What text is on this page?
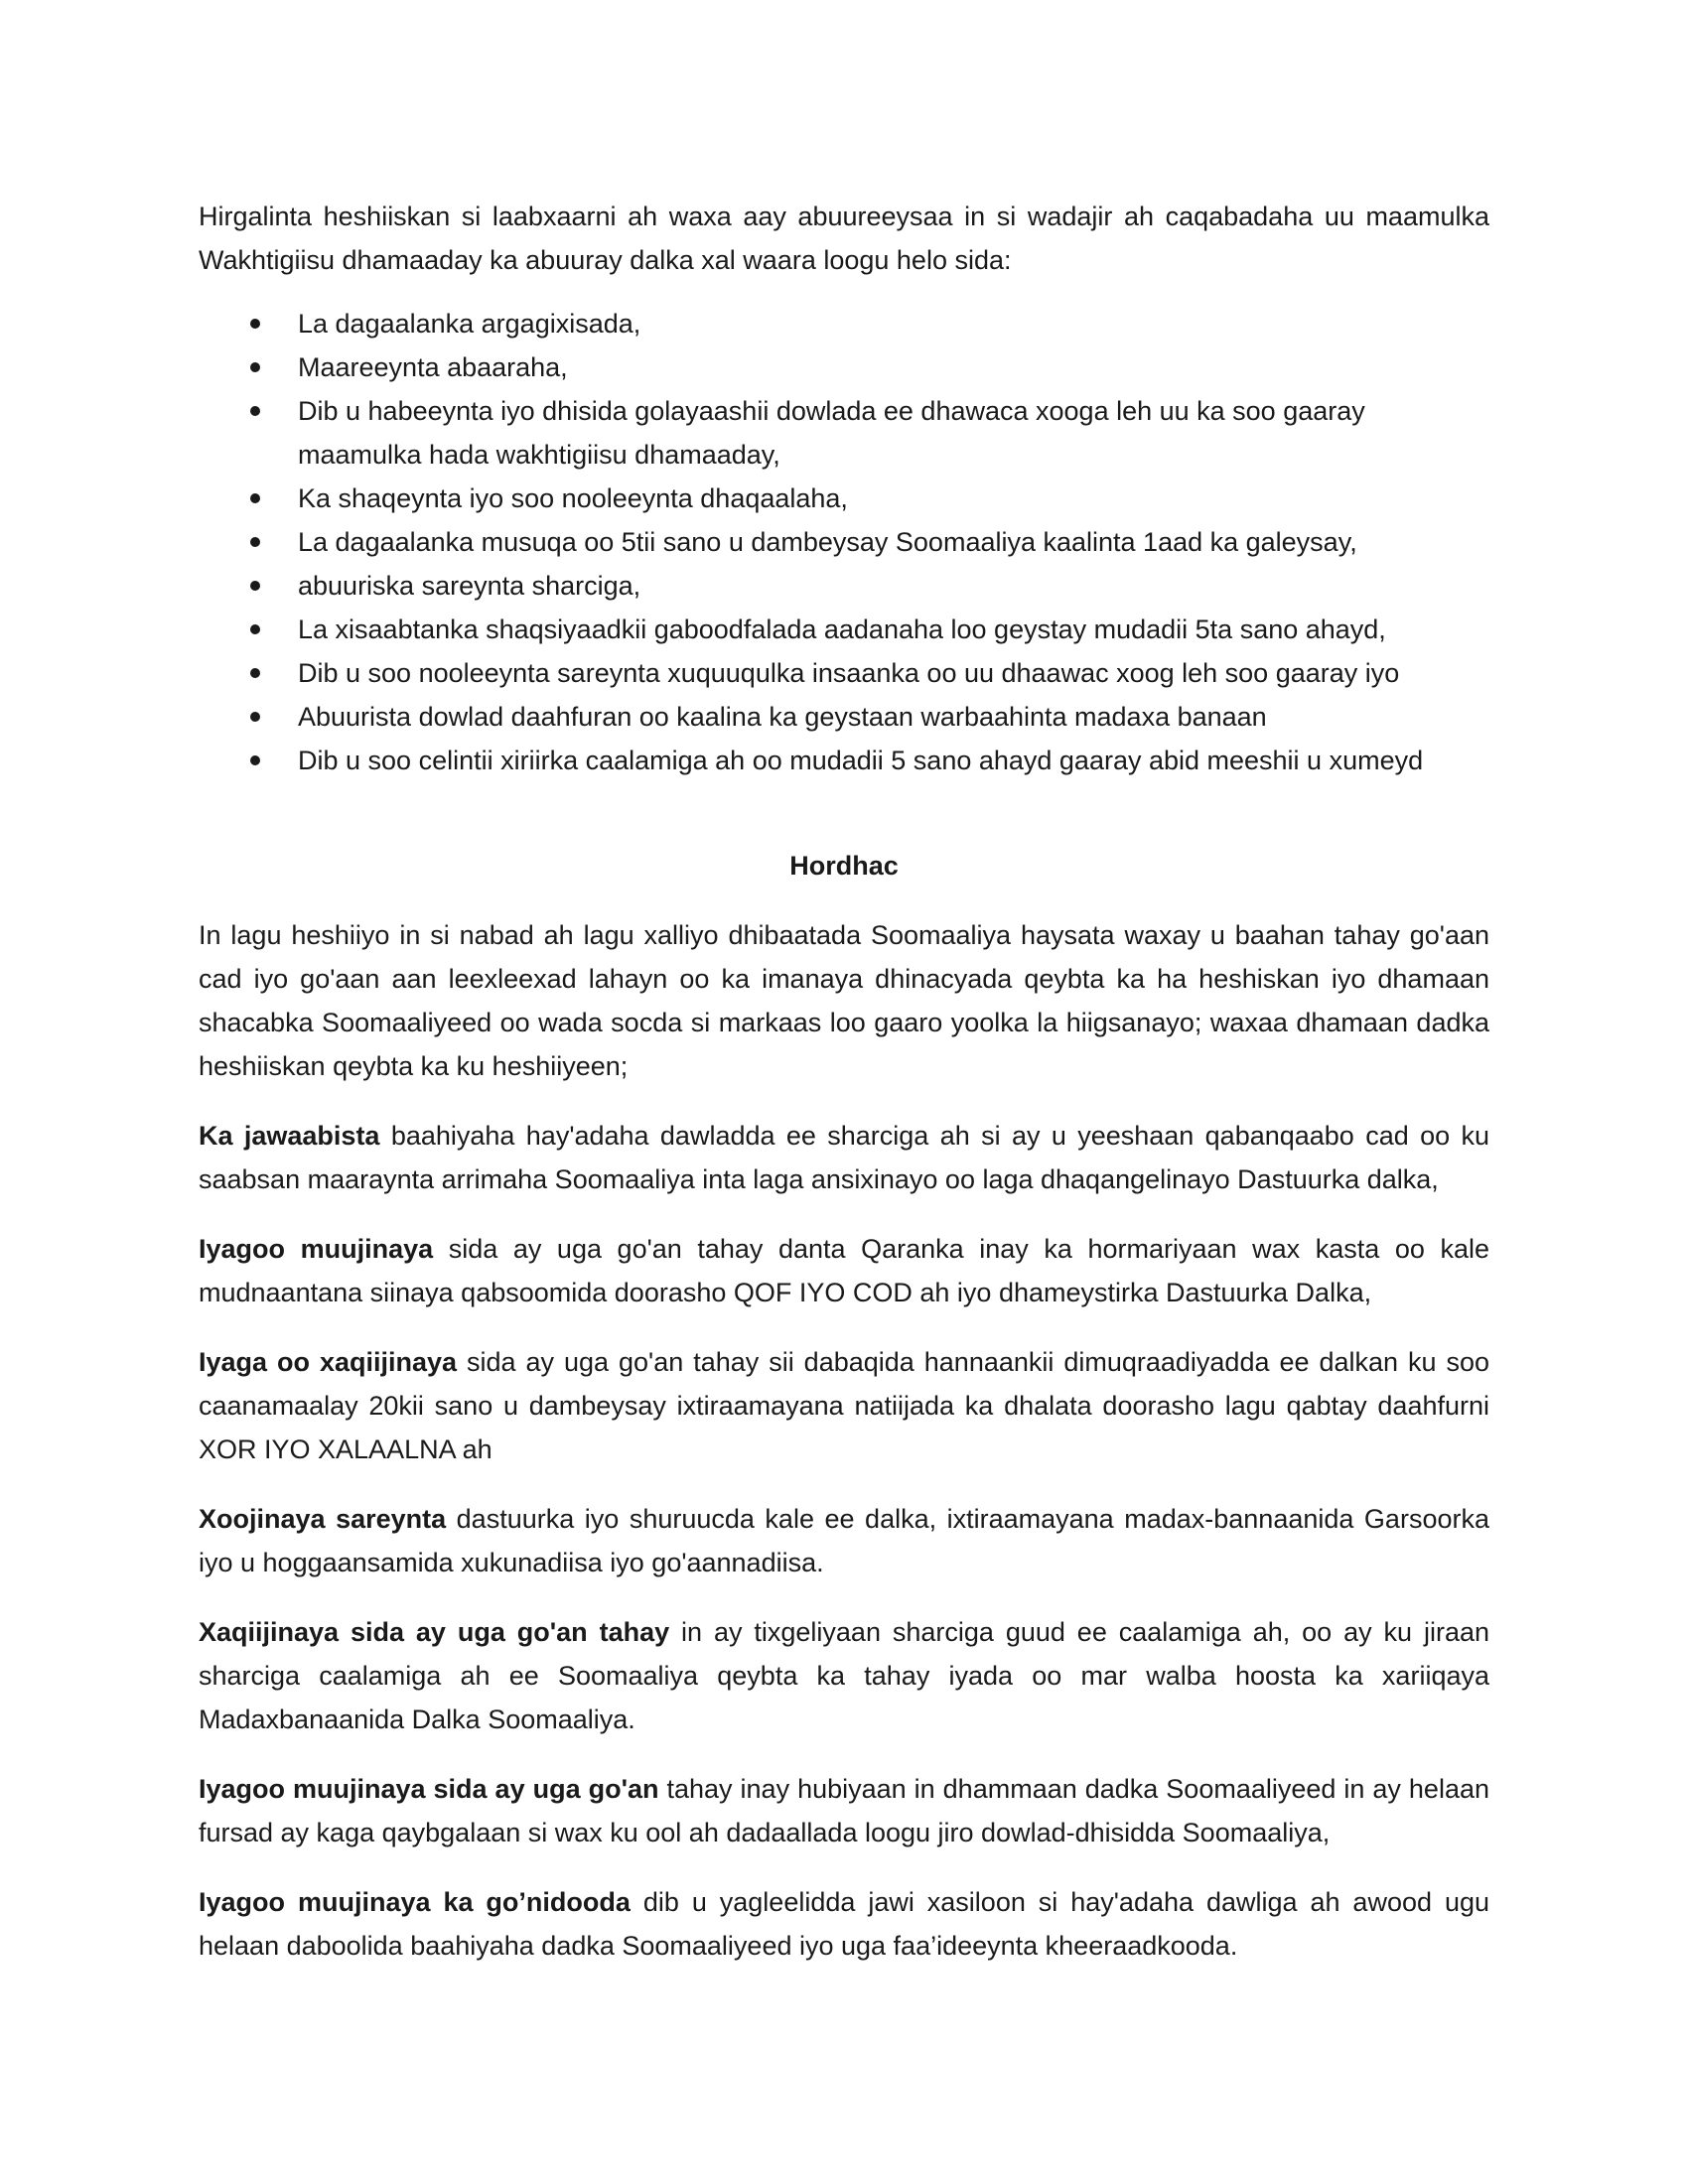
Hirgalinta heshiiskan si laabxaarni ah waxa aay abuureeysaa in si wadajir ah caqabadaha uu maamulka Wakhtigiisu dhamaaday ka abuuray dalka xal waara loogu helo sida:

La dagaalanka argagixisada,
Maareeynta abaaraha,
Dib u habeeynta iyo dhisida golayaashii dowlada ee dhawaca xooga leh uu ka soo gaaray maamulka hada wakhtigiisu dhamaaday,
Ka shaqeynta iyo soo nooleeynta dhaqaalaha,
La dagaalanka musuqa oo 5tii sano u dambeysay Soomaaliya kaalinta 1aad ka galeysay,
abuuriska sareynta sharciga,
La xisaabtanka shaqsiyaadkii gaboodfalada aadanaha loo geystay mudadii 5ta sano ahayd,
Dib u soo nooleeynta sareynta xuquuqulka insaanka oo uu dhaawac xoog leh soo gaaray iyo
Abuurista dowlad daahfuran oo kaalina ka geystaan warbaahinta madaxa banaan
Dib u soo celintii xiriirka caalamiga ah oo mudadii 5 sano ahayd gaaray abid meeshii u xumeyd
Hordhac

In lagu heshiiyo in si nabad ah lagu xalliyo dhibaatada Soomaaliya haysata waxay u baahan tahay go'aan cad iyo go'aan aan leexleexad lahayn oo ka imanaya dhinacyada qeybta ka ha heshiskan iyo dhamaan shacabka Soomaaliyeed oo wada socda si markaas loo gaaro yoolka la hiigsanayo; waxaa dhamaan dadka heshiiskan qeybta ka ku heshiiyeen;

Ka jawaabista baahiyaha hay'adaha dawladda ee sharciga ah si ay u yeeshaan qabanqaabo cad oo ku saabsan maaraynta arrimaha Soomaaliya inta laga ansixinayo oo laga dhaqangelinayo Dastuurka dalka,

Iyagoo muujinaya sida ay uga go'an tahay danta Qaranka inay ka hormariyaan wax kasta oo kale mudnaantana siinaya qabsoomida doorasho QOF IYO COD ah iyo dhameystirka Dastuurka Dalka,

Iyaga oo xaqiijinaya sida ay uga go'an tahay sii dabaqida hannaankii dimuqraadiyadda ee dalkan ku soo caanamaalay 20kii sano u dambeysay ixtiraamayana natiijada ka dhalata doorasho lagu qabtay daahfurni XOR IYO XALAALNA ah

Xoojinaya sareynta dastuurka iyo shuruucda kale ee dalka, ixtiraamayana madax-bannaanida Garsoorka iyo u hoggaansamida xukunadiisa iyo go'aannadiisa.

Xaqiijinaya sida ay uga go'an tahay in ay tixgeliyaan sharciga guud ee caalamiga ah, oo ay ku jiraan sharciga caalamiga ah ee Soomaaliya qeybta ka tahay iyada oo mar walba hoosta ka xariiqaya Madaxbanaanida Dalka Soomaaliya.

Iyagoo muujinaya sida ay uga go'an tahay inay hubiyaan in dhammaan dadka Soomaaliyeed in ay helaan fursad ay kaga qaybgalaan si wax ku ool ah dadaallada loogu jiro dowlad-dhisidda Soomaaliya,

Iyagoo muujinaya ka go’nidooda dib u yagleelidda jawi xasiloon si hay'adaha dawliga ah awood ugu helaan daboolida baahiyaha dadka Soomaaliyeed iyo uga faa’ideeynta kheeraadkooda.
